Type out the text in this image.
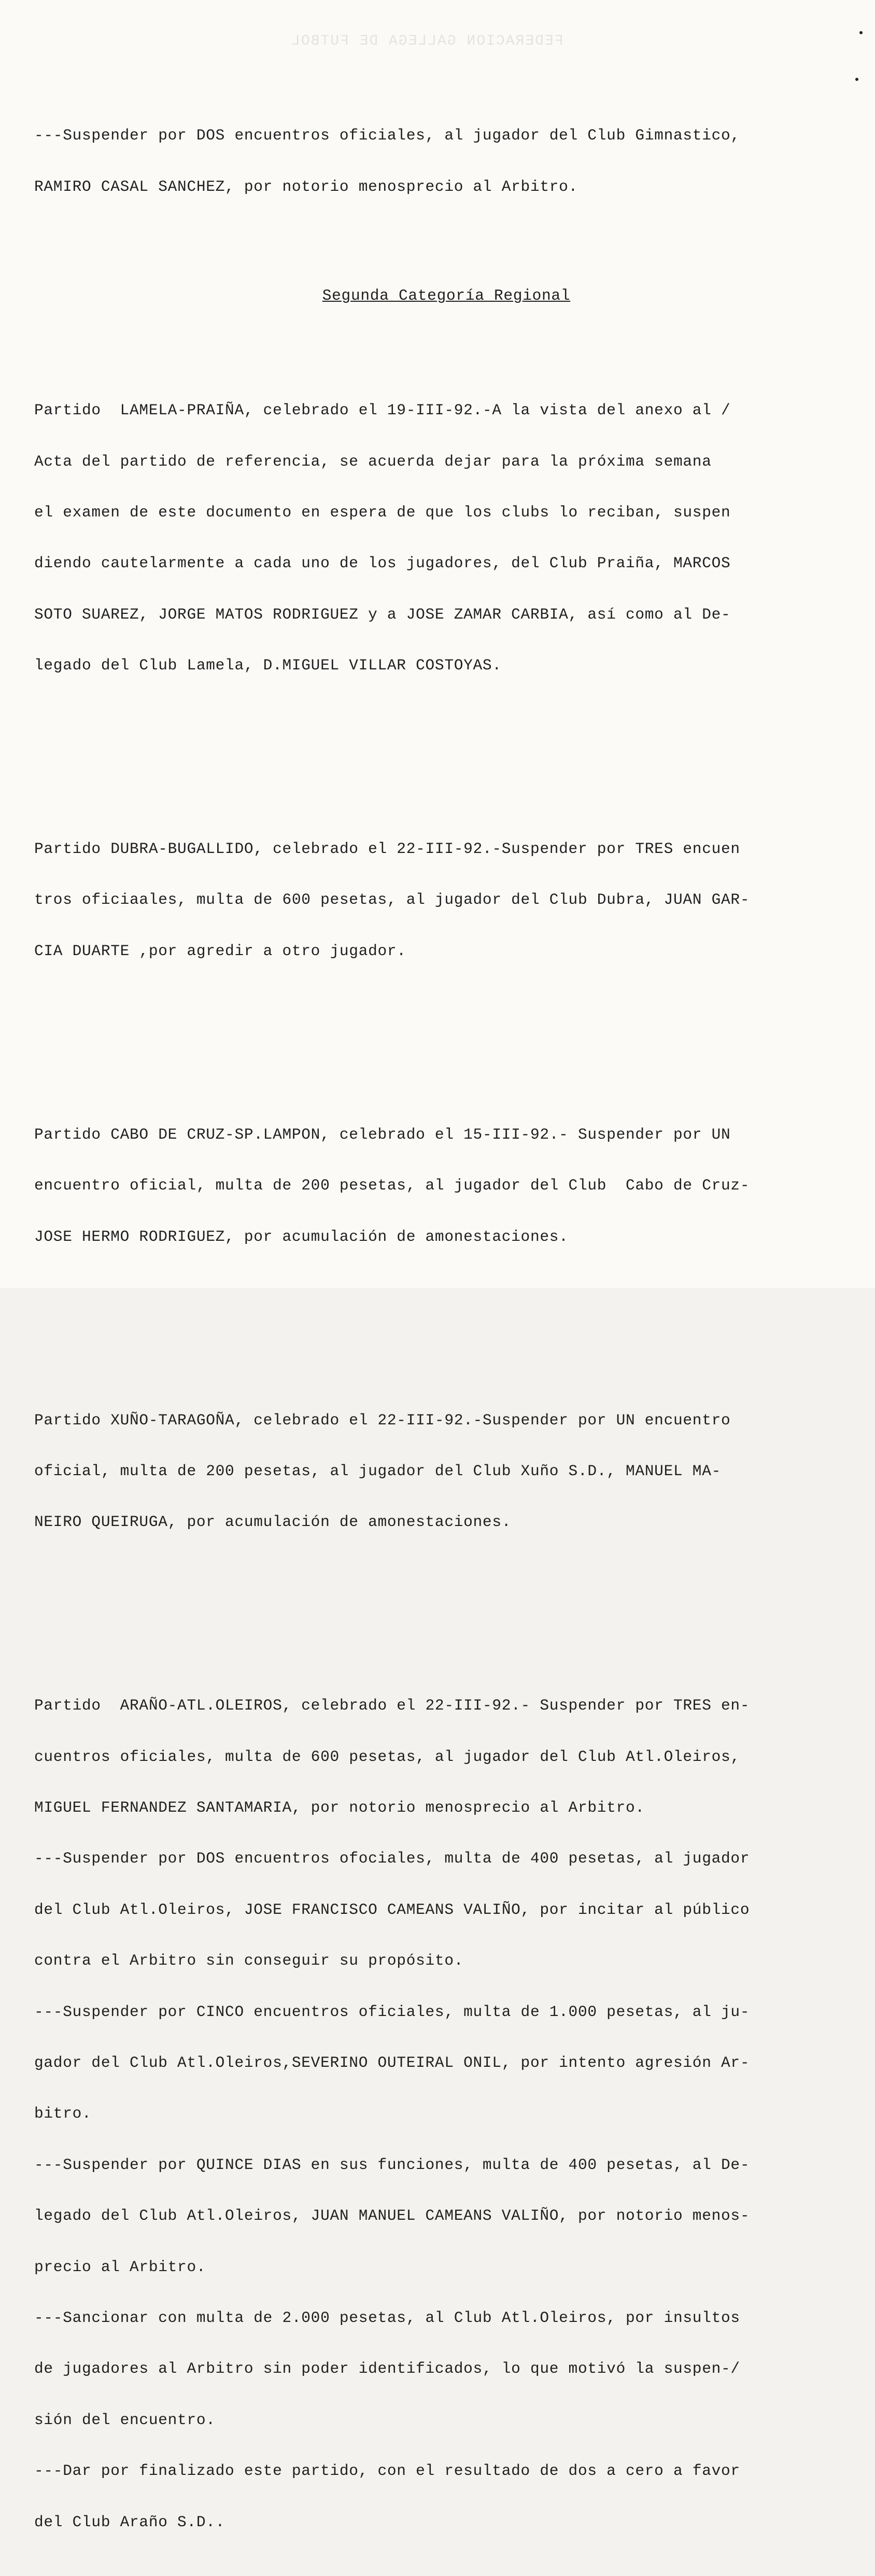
FEDERACION GALLEGA DE FUTBOL

---Suspender por DOS encuentros oficiales, al jugador del Club Gimnastico,

RAMIRO CASAL SANCHEZ, por notorio menosprecio al Arbitro.

Segunda Categoría Regional

Partido  LAMELA-PRAIÑA, celebrado el 19-III-92.-A la vista del anexo al /

Acta del partido de referencia, se acuerda dejar para la próxima semana

el examen de este documento en espera de que los clubs lo reciban, suspen

diendo cautelarmente a cada uno de los jugadores, del Club Praiña, MARCOS

SOTO SUAREZ, JORGE MATOS RODRIGUEZ y a JOSE ZAMAR CARBIA, así como al De-

legado del Club Lamela, D.MIGUEL VILLAR COSTOYAS.

Partido DUBRA-BUGALLIDO, celebrado el 22-III-92.-Suspender por TRES encuen

tros oficiaales, multa de 600 pesetas, al jugador del Club Dubra, JUAN GAR-

CIA DUARTE ,por agredir a otro jugador.

Partido CABO DE CRUZ-SP.LAMPON, celebrado el 15-III-92.- Suspender por UN

encuentro oficial, multa de 200 pesetas, al jugador del Club  Cabo de Cruz-

JOSE HERMO RODRIGUEZ, por acumulación de amonestaciones.

Partido XUÑO-TARAGOÑA, celebrado el 22-III-92.-Suspender por UN encuentro

oficial, multa de 200 pesetas, al jugador del Club Xuño S.D., MANUEL MA-

NEIRO QUEIRUGA, por acumulación de amonestaciones.

Partido  ARAÑO-ATL.OLEIROS, celebrado el 22-III-92.- Suspender por TRES en-

cuentros oficiales, multa de 600 pesetas, al jugador del Club Atl.Oleiros,

MIGUEL FERNANDEZ SANTAMARIA, por notorio menosprecio al Arbitro.

---Suspender por DOS encuentros ofociales, multa de 400 pesetas, al jugador

del Club Atl.Oleiros, JOSE FRANCISCO CAMEANS VALIÑO, por incitar al público

contra el Arbitro sin conseguir su propósito.

---Suspender por CINCO encuentros oficiales, multa de 1.000 pesetas, al ju-

gador del Club Atl.Oleiros,SEVERINO OUTEIRAL ONIL, por intento agresión Ar-

bitro.

---Suspender por QUINCE DIAS en sus funciones, multa de 400 pesetas, al De-

legado del Club Atl.Oleiros, JUAN MANUEL CAMEANS VALIÑO, por notorio menos-

precio al Arbitro.

---Sancionar con multa de 2.000 pesetas, al Club Atl.Oleiros, por insultos

de jugadores al Arbitro sin poder identificados, lo que motivó la suspen-/

sión del encuentro.

---Dar por finalizado este partido, con el resultado de dos a cero a favor

del Club Araño S.D..
